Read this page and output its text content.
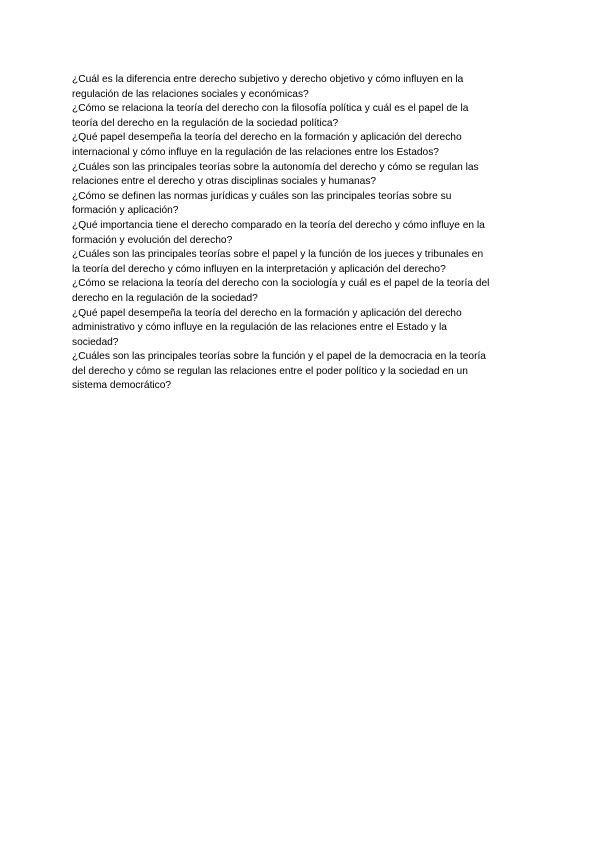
¿Cuál es la diferencia entre derecho subjetivo y derecho objetivo y cómo influyen en la
regulación de las relaciones sociales y económicas?

¿Cómo se relaciona la teoría del derecho con la filosofía política y cuál es el papel de la
teoría del derecho en la regulación de la sociedad política?

¿Qué papel desempeña la teoría del derecho en la formación y aplicación del derecho
internacional y cómo influye en la regulación de las relaciones entre los Estados?

¿Cuáles son las principales teorías sobre la autonomía del derecho y cómo se regulan las
relaciones entre el derecho y otras disciplinas sociales y humanas?

¿Cómo se definen las normas jurídicas y cuáles son las principales teorías sobre su
formación y aplicación?

¿Qué importancia tiene el derecho comparado en la teoría del derecho y cómo influye en la
formación y evolución del derecho?

¿Cuáles son las principales teorías sobre el papel y la función de los jueces y tribunales en
la teoría del derecho y cómo influyen en la interpretación y aplicación del derecho?

¿Cómo se relaciona la teoría del derecho con la sociología y cuál es el papel de la teoría del
derecho en la regulación de la sociedad?

¿Qué papel desempeña la teoría del derecho en la formación y aplicación del derecho
administrativo y cómo influye en la regulación de las relaciones entre el Estado y la
sociedad?

¿Cuáles son las principales teorías sobre la función y el papel de la democracia en la teoría
del derecho y cómo se regulan las relaciones entre el poder político y la sociedad en un
sistema democrático?
